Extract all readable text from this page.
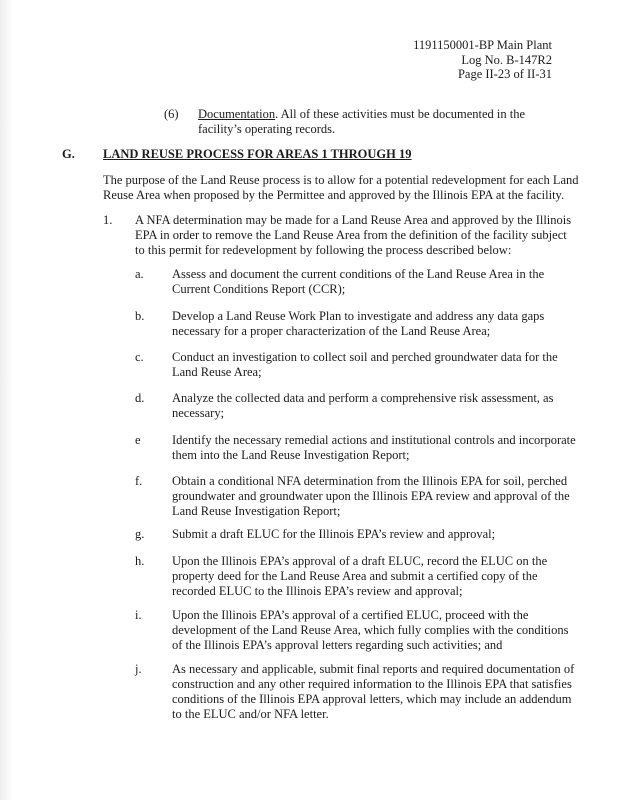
1191150001-BP Main Plant
Log No. B-147R2
Page II-23 of II-31
(6) Documentation. All of these activities must be documented in the
facility’s operating records.
G. LAND REUSE PROCESS FOR AREAS 1 THROUGH 19
The purpose of the Land Reuse process is to allow for a potential redevelopment for each Land
Reuse Area when proposed by the Permittee and approved by the Illinois EPA at the facility.
1. A NFA determination may be made for a Land Reuse Area and approved by the Illinois
EPA in order to remove the Land Reuse Area from the definition of the facility subject
to this permit for redevelopment by following the process described below:
a. Assess and document the current conditions of the Land Reuse Area in the
Current Conditions Report (CCR);
b. Develop a Land Reuse Work Plan to investigate and address any data gaps
necessary for a proper characterization of the Land Reuse Area;
c. Conduct an investigation to collect soil and perched groundwater data for the
Land Reuse Area;
d. Analyze the collected data and perform a comprehensive risk assessment, as
necessary;
e	Identify the necessary remedial actions and institutional controls and incorporate
them into the Land Reuse Investigation Report;
f. Obtain a conditional NFA determination from the Illinois EPA for soil, perched
groundwater and groundwater upon the Illinois EPA review and approval of the
Land Reuse Investigation Report;
g. Submit a draft ELUC for the Illinois EPA’s review and approval;
h. Upon the Illinois EPA’s approval of a draft ELUC, record the ELUC on the
property deed for the Land Reuse Area and submit a certified copy of the
recorded ELUC to the Illinois EPA’s review and approval;
i. Upon the Illinois EPA’s approval of a certified ELUC, proceed with the
development of the Land Reuse Area, which fully complies with the conditions
of the Illinois EPA’s approval letters regarding such activities; and
j. As necessary and applicable, submit final reports and required documentation of
construction and any other required information to the Illinois EPA that satisfies
conditions of the Illinois EPA approval letters, which may include an addendum
to the ELUC and/or NFA letter.
